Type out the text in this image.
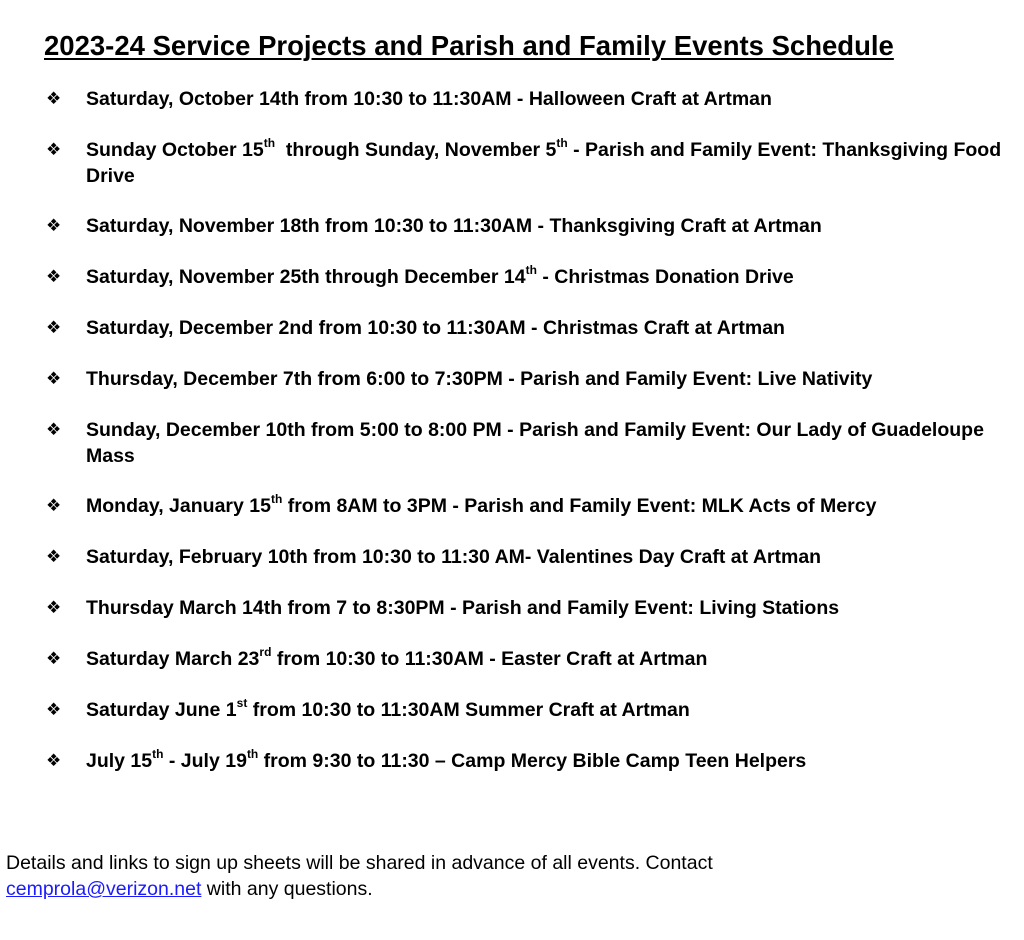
2023-24 Service Projects and Parish and Family Events Schedule
❖ Saturday, October 14th from 10:30 to 11:30AM - Halloween Craft at Artman
❖ Sunday October 15th  through Sunday, November 5th - Parish and Family Event: Thanksgiving Food Drive
❖ Saturday, November 18th from 10:30 to 11:30AM - Thanksgiving Craft at Artman
❖ Saturday, November 25th through December 14th - Christmas Donation Drive
❖ Saturday, December 2nd from 10:30 to 11:30AM - Christmas Craft at Artman
❖ Thursday, December 7th from 6:00 to 7:30PM - Parish and Family Event: Live Nativity
❖ Sunday, December 10th from 5:00 to 8:00 PM - Parish and Family Event: Our Lady of Guadeloupe Mass
❖ Monday, January 15th from 8AM to 3PM - Parish and Family Event: MLK Acts of Mercy
❖ Saturday, February 10th from 10:30 to 11:30 AM- Valentines Day Craft at Artman
❖ Thursday March 14th from 7 to 8:30PM - Parish and Family Event: Living Stations
❖ Saturday March 23rd from 10:30 to 11:30AM - Easter Craft at Artman
❖ Saturday June 1st from 10:30 to 11:30AM Summer Craft at Artman
❖ July 15th - July 19th from 9:30 to 11:30 – Camp Mercy Bible Camp Teen Helpers

Details and links to sign up sheets will be shared in advance of all events. Contact
cemprola@verizon.net with any questions.
